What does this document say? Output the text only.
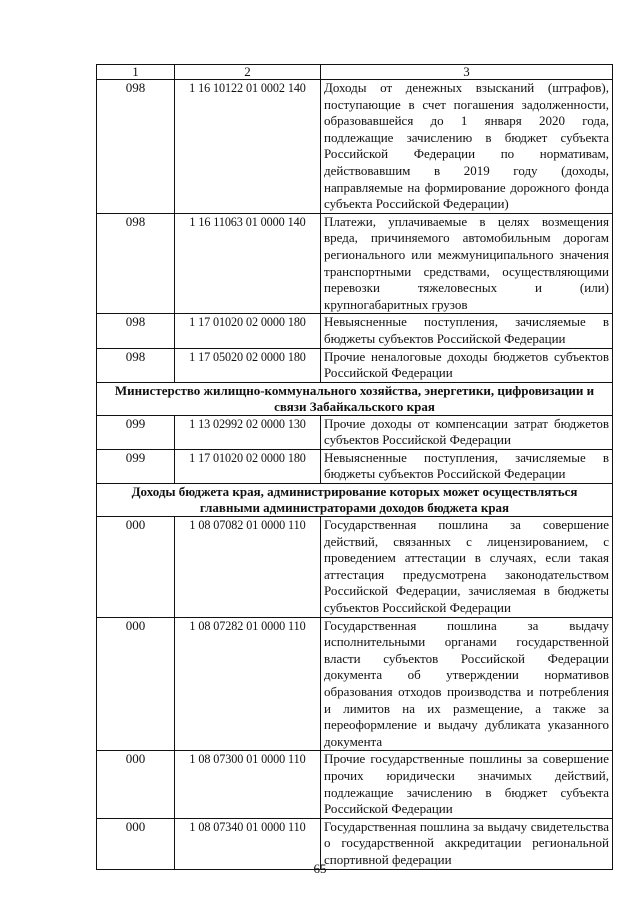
1	2	3
098	1 16 10122 01 0002 140	Доходы от денежных взысканий (штрафов), поступающие в счет погашения задолженности, образовавшейся до 1 января 2020 года, подлежащие зачислению в бюджет субъекта Российской Федерации по нормативам, действовавшим в 2019 году (доходы, направляемые на формирование дорожного фонда субъекта Российской Федерации)
098	1 16 11063 01 0000 140	Платежи, уплачиваемые в целях возмещения вреда, причиняемого автомобильным дорогам регионального или межмуниципального значения транспортными средствами, осуществляющими перевозки тяжеловесных и (или) крупногабаритных грузов
098	1 17 01020 02 0000 180	Невыясненные поступления, зачисляемые в бюджеты субъектов Российской Федерации
098	1 17 05020 02 0000 180	Прочие неналоговые доходы бюджетов субъектов Российской Федерации
Министерство жилищно-коммунального хозяйства, энергетики, цифровизации и связи Забайкальского края		
099	1 13 02992 02 0000 130	Прочие доходы от компенсации затрат бюджетов субъектов Российской Федерации
099	1 17 01020 02 0000 180	Невыясненные поступления, зачисляемые в бюджеты субъектов Российской Федерации
Доходы бюджета края, администрирование которых может осуществляться главными администраторами доходов бюджета края		
000	1 08 07082 01 0000 110	Государственная пошлина за совершение действий, связанных с лицензированием, с проведением аттестации в случаях, если такая аттестация предусмотрена законодательством Российской Федерации, зачисляемая в бюджеты субъектов Российской Федерации
000	1 08 07282 01 0000 110	Государственная пошлина за выдачу исполнительными органами государственной власти субъектов Российской Федерации документа об утверждении нормативов образования отходов производства и потребления и лимитов на их размещение, а также за переоформление и выдачу дубликата указанного документа
000	1 08 07300 01 0000 110	Прочие государственные пошлины за совершение прочих юридически значимых действий, подлежащие зачислению в бюджет субъекта Российской Федерации
000	1 08 07340 01 0000 110	Государственная пошлина за выдачу свидетельства о государственной аккредитации региональной спортивной федерации
65
